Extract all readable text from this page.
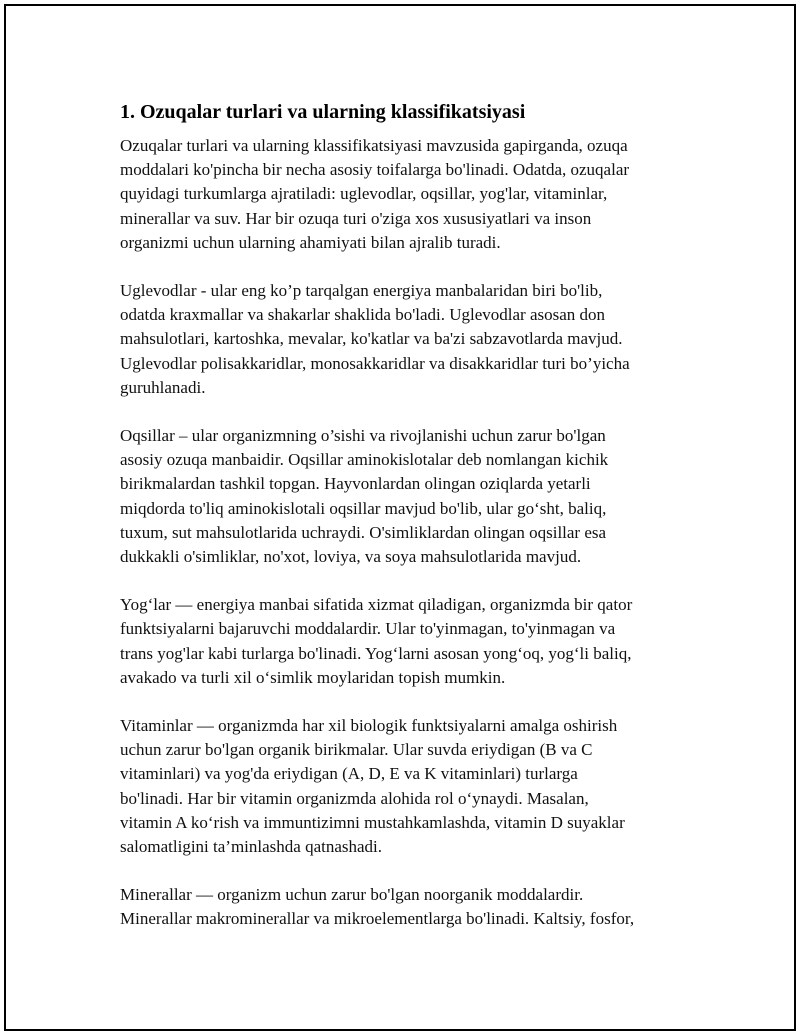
1. Ozuqalar turlari va ularning klassifikatsiyasi
Ozuqalar turlari va ularning klassifikatsiyasi mavzusida gapirganda, ozuqa
moddalari ko'pincha bir necha asosiy toifalarga bo'linadi. Odatda, ozuqalar
quyidagi turkumlarga ajratiladi: uglevodlar, oqsillar, yog'lar, vitaminlar,
minerallar va suv. Har bir ozuqa turi o'ziga xos xususiyatlari va inson
organizmi uchun ularning ahamiyati bilan ajralib turadi.
Uglevodlar - ular eng ko’p tarqalgan energiya manbalaridan biri bo'lib,
odatda kraxmallar va shakarlar shaklida bo'ladi. Uglevodlar asosan don
mahsulotlari, kartoshka, mevalar, ko'katlar va ba'zi sabzavotlarda mavjud.
Uglevodlar polisakkaridlar, monosakkaridlar va disakkaridlar turi bo’yicha
guruhlanadi.
Oqsillar – ular organizmning o’sishi va rivojlanishi uchun zarur bo'lgan
asosiy ozuqa manbaidir. Oqsillar aminokislotalar deb nomlangan kichik
birikmalardan tashkil topgan. Hayvonlardan olingan oziqlarda yetarli
miqdorda to'liq aminokislotali oqsillar mavjud bo'lib, ular go‘sht, baliq,
tuxum, sut mahsulotlarida uchraydi. O'simliklardan olingan oqsillar esa
dukkakli o'simliklar, no'xot, loviya, va soya mahsulotlarida mavjud.
Yog‘lar — energiya manbai sifatida xizmat qiladigan, organizmda bir qator
funktsiyalarni bajaruvchi moddalardir. Ular to'yinmagan, to'yinmagan va
trans yog'lar kabi turlarga bo'linadi. Yog‘larni asosan yong‘oq, yog‘li baliq,
avakado va turli xil o‘simlik moylaridan topish mumkin.
Vitaminlar — organizmda har xil biologik funktsiyalarni amalga oshirish
uchun zarur bo'lgan organik birikmalar. Ular suvda eriydigan (B va C
vitaminlari) va yog'da eriydigan (A, D, E va K vitaminlari) turlarga
bo'linadi. Har bir vitamin organizmda alohida rol o‘ynaydi. Masalan,
vitamin A ko‘rish va immuntizimni mustahkamlashda, vitamin D suyaklar
salomatligini ta’minlashda qatnashadi.
Minerallar — organizm uchun zarur bo'lgan noorganik moddalardir.
Minerallar makrominerallar va mikroelementlarga bo'linadi. Kaltsiy, fosfor,
